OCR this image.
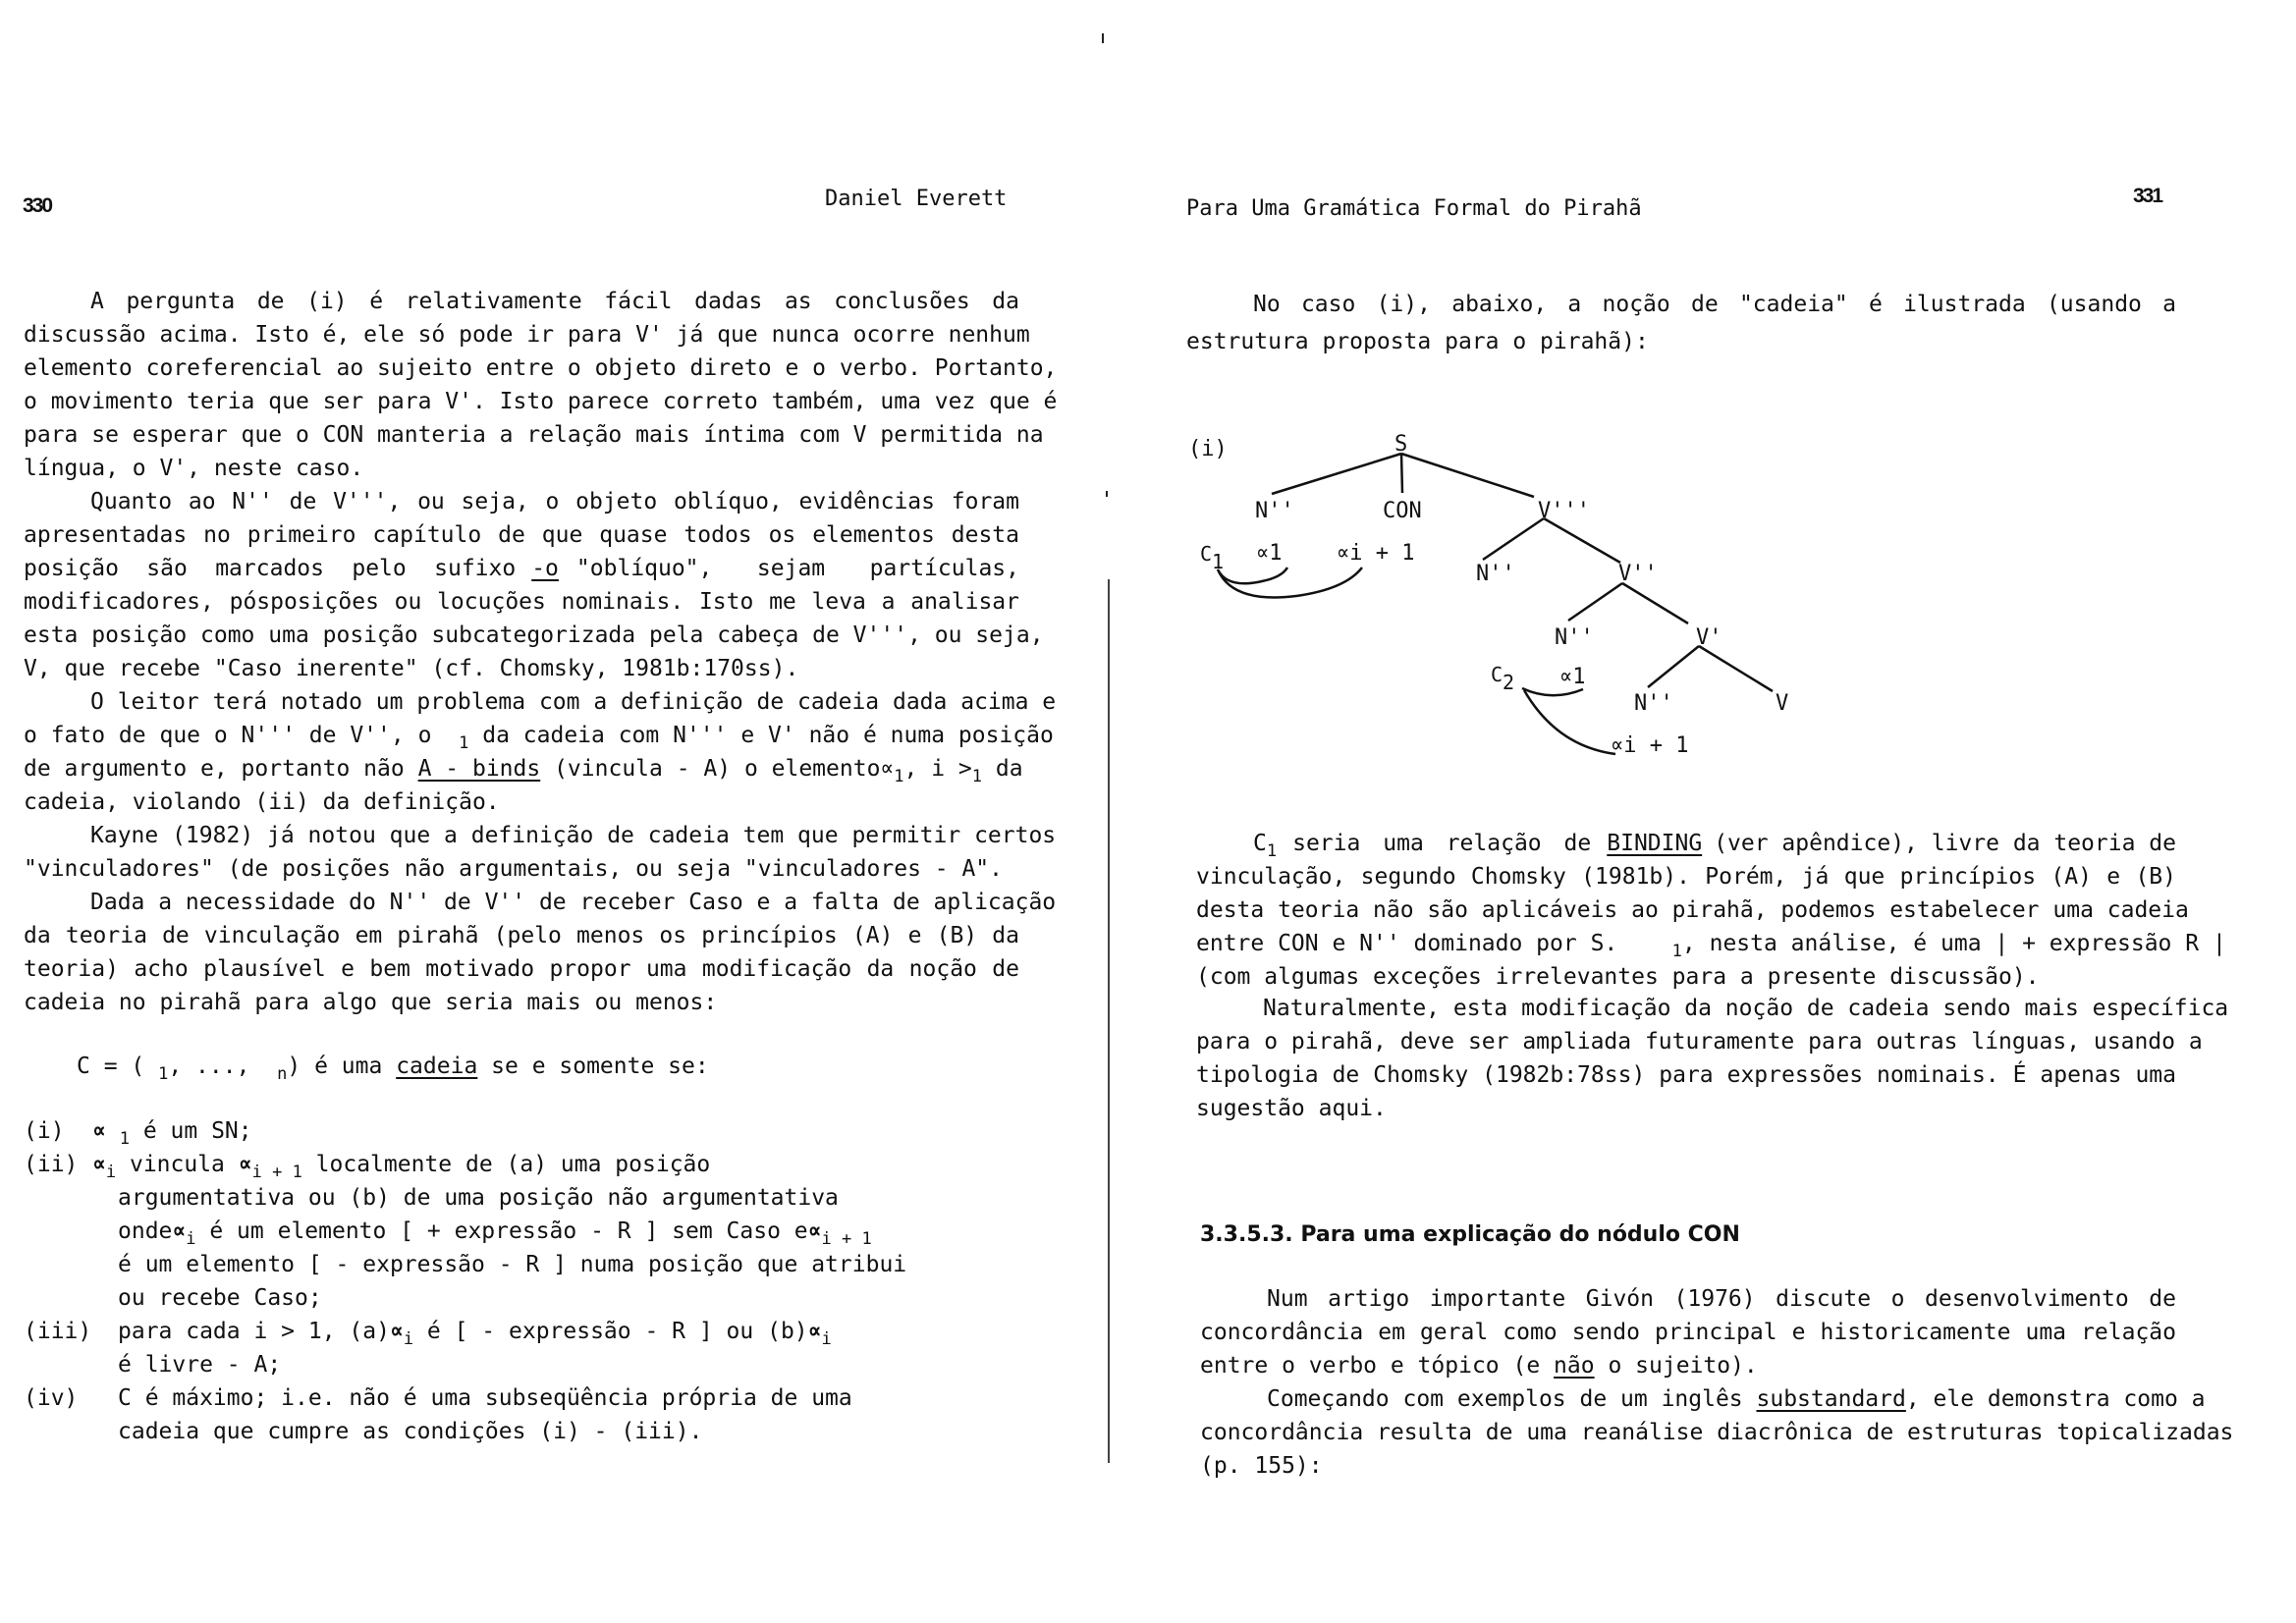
330	Daniel Everett
A pergunta de (i) é relativamente fácil dadas as conclusões da
discussão acima. Isto é, ele só pode ir para V' já que nunca ocorre nenhum
elemento coreferencial ao sujeito entre o objeto direto e o verbo. Portanto,
o movimento teria que ser para V'. Isto parece correto também, uma vez que é
para se esperar que o CON manteria a relação mais íntima com V permitida na
língua, o V', neste caso.
Quanto ao N'' de V''', ou seja, o objeto oblíquo, evidências foram
apresentadas no primeiro capítulo de que quase todos os elementos desta
posição são marcados pelo sufixo -o "oblíquo", sejam partículas,
modificadores, pósposições ou locuções nominais. Isto me leva a analisar
esta posição como uma posição subcategorizada pela cabeça de V''', ou seja,
V, que recebe "Caso inerente" (cf. Chomsky, 1981b:170ss).
O leitor terá notado um problema com a definição de cadeia dada acima e
o fato de que o N''' de V'', o $_1$ da cadeia com N''' e V' não é numa posição
de argumento e, portanto não A - binds (vincula - A) o $elemento\propto_1$, $i >_1$ da
cadeia, violando (ii) da definição.
Kayne (1982) já notou que a definição de cadeia tem que permitir certos
"vinculadores" (de posições não argumentais, ou seja "vinculadores - A".
Dada a necessidade do N'' de V'' de receber Caso e a falta de aplicação
da teoria de vinculação em pirahã (pelo menos os princípios (A) e (B) da
teoria) acho plausível e bem motivado propor uma modificação da noção de
cadeia no pirahã para algo que seria mais ou menos:
C = ( $_1$, ..., $_n$) é uma cadeia se e somente se:
(i) ∝ $_1$ é um SN;
$(ii) \propto_i$ vincula $\propto_{i + 1}$ localmente de (a) uma posição
argumentativa ou (b) de uma posição não argumentativa
$onde\propto_i$ é um elemento [ + expressão - R ] sem Caso $e\propto_{i + 1}$
é um elemento [ - expressão - R ] numa posição que atribui
ou recebe Caso;
(iii) para cada i > 1, $(a)\propto_i$ é [ - expressão - R ] ou $(b)\propto_i$
é livre - A;
(iv) C é máximo; i.e. não é uma subseqüência própria de uma
cadeia que cumpre as condições (i) - (iii).
Para Uma Gramática Formal do Pirahã
331
No caso (i), abaixo, a noção de "cadeia" é ilustrada (usando a
estrutura proposta para o pirahã):
(i)	S
N''	CON	V'''
N''	V''
N''	V'
N''	V
C1 ∝1	∝i + 1
C2 ∝1
∝i + 1
$C_1$ seria uma relação de BINDING (ver apêndice), livre da teoria de
vinculação, segundo Chomsky (1981b). Porém, já que princípios (A) e (B)
desta teoria não são aplicáveis ao pirahã, podemos estabelecer uma cadeia
entre CON e N'' dominado por S.	$_1$, nesta análise, é uma | + expressão R |
(com algumas exceções irrelevantes para a presente discussão).
Naturalmente, esta modificação da noção de cadeia sendo mais específica
para o pirahã, deve ser ampliada futuramente para outras línguas, usando a
tipologia de Chomsky (1982b:78ss) para expressões nominais. É apenas uma
sugestão aqui.
3.3.5.3. Para uma explicação do nódulo CON
Num artigo importante Givón (1976) discute o desenvolvimento de
concordância em geral como sendo principal e historicamente uma relação
entre o verbo e tópico (e não o sujeito).
Começando com exemplos de um inglês
substandard , ele demonstra como a
concordância resulta de uma reanálise diacrônica de estruturas topicalizadas
(p. 155):
